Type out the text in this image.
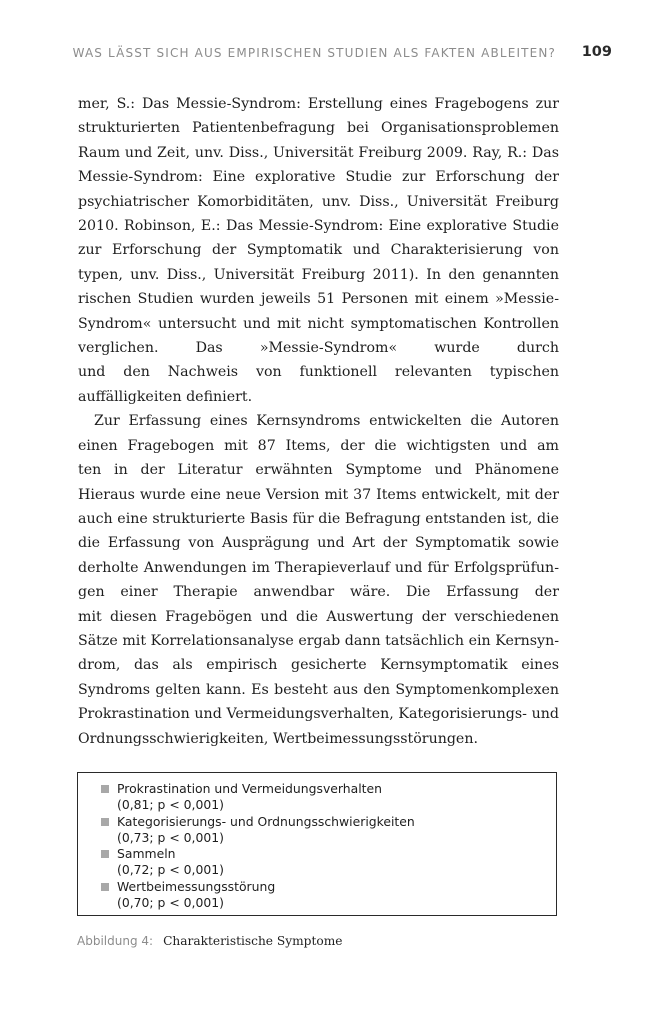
WAS LÄSST SICH AUS EMPIRISCHEN STUDIEN ALS FAKTEN ABLEITEN? 109
mer, S.: Das Messie-Syndrom: Erstellung eines Fragebogens zur
strukturierten Patientenbefragung bei Organisationsproblemen
Raum und Zeit, unv. Diss., Universität Freiburg 2009. Ray, R.: Das
Messie-Syndrom: Eine explorative Studie zur Erforschung der
psychiatrischer Komorbiditäten, unv. Diss., Universität Freiburg
2010. Robinson, E.: Das Messie-Syndrom: Eine explorative Studie
zur Erforschung der Symptomatik und Charakterisierung von
typen, unv. Diss., Universität Freiburg 2011). In den genannten
rischen Studien wurden jeweils 51 Personen mit einem »Messie-
Syndrom« untersucht und mit nicht symptomatischen Kontrollen
verglichen. Das »Messie-Syndrom« wurde durch
und den Nachweis von funktionell relevanten typischen
auffälligkeiten definiert.
Zur Erfassung eines Kernsyndroms entwickelten die Autoren
einen Fragebogen mit 87 Items, der die wichtigsten und am
ten in der Literatur erwähnten Symptome und Phänomene
Hieraus wurde eine neue Version mit 37 Items entwickelt, mit der
auch eine strukturierte Basis für die Befragung entstanden ist, die
die Erfassung von Ausprägung und Art der Symptomatik sowie
derholte Anwendungen im Therapieverlauf und für Erfolgsprüfun-
gen einer Therapie anwendbar wäre. Die Erfassung der
mit diesen Fragebögen und die Auswertung der verschiedenen
Sätze mit Korrelationsanalyse ergab dann tatsächlich ein Kernsyn-
drom, das als empirisch gesicherte Kernsymptomatik eines
Syndroms gelten kann. Es besteht aus den Symptomenkomplexen
Prokrastination und Vermeidungsverhalten, Kategorisierungs- und
Ordnungsschwierigkeiten, Wertbeimessungsstörungen.
Prokrastination und Vermeidungsverhalten
(0,81; p < 0,001)
Kategorisierungs- und Ordnungsschwierigkeiten
(0,73; p < 0,001)
Sammeln
(0,72; p < 0,001)
Wertbeimessungsstörung
(0,70; p < 0,001)
Abbildung 4: Charakteristische Symptome
